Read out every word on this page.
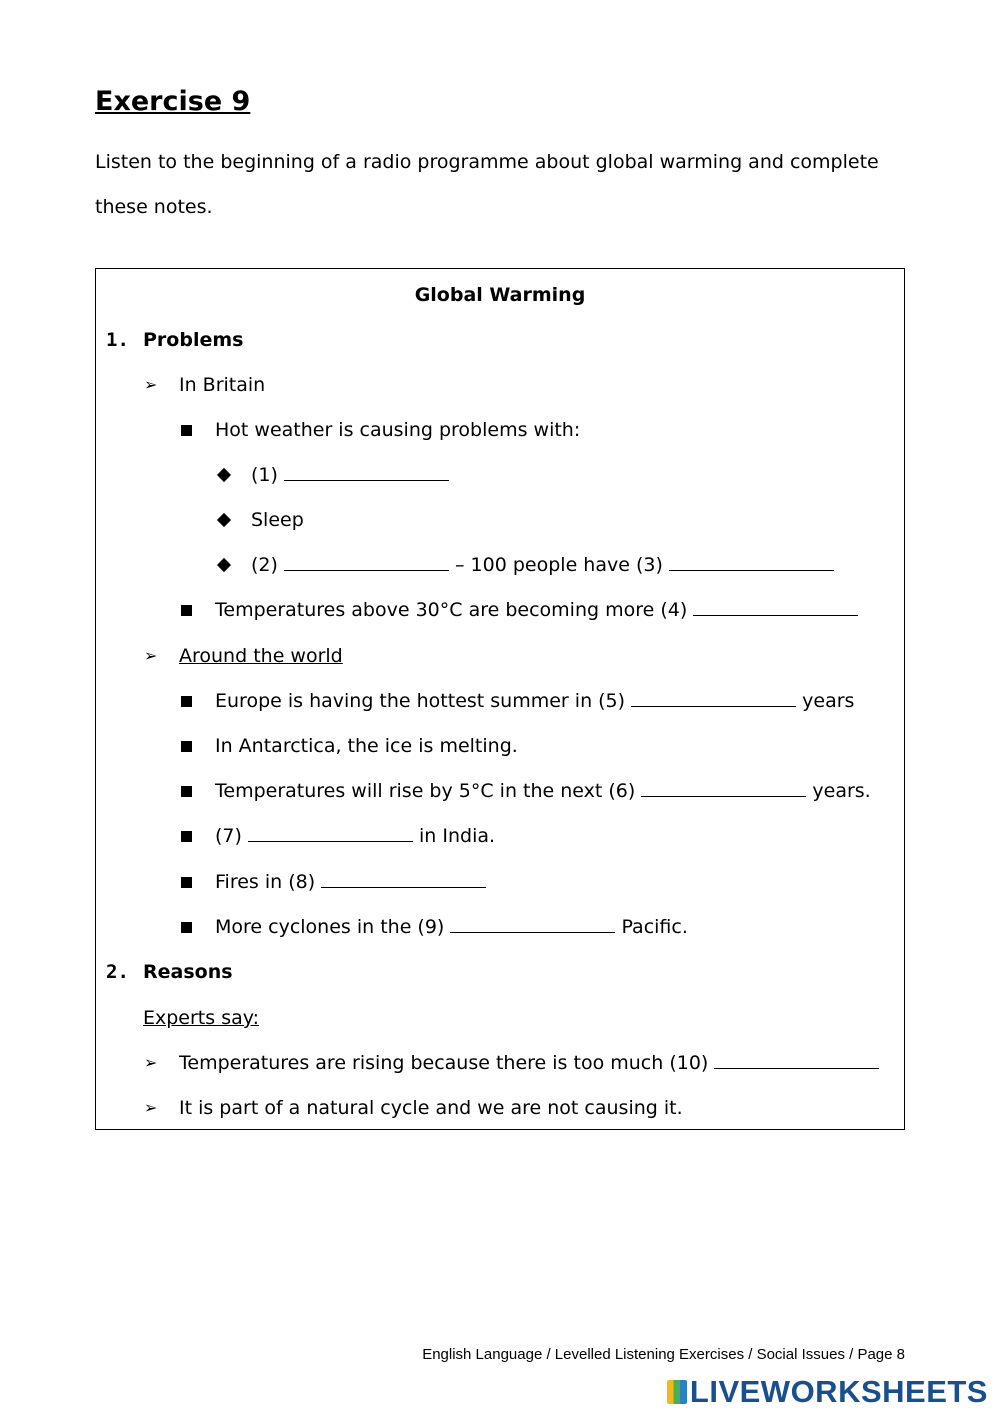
Exercise 9

Listen to the beginning of a radio programme about global warming and complete these notes.

Global Warming
1. Problems
➢ In Britain
Hot weather is causing problems with:
(1)
Sleep
(2)	– 100 people have (3)
Temperatures above 30°C are becoming more (4)
➢ Around the world
Europe is having the hottest summer in (5)	years
In Antarctica, the ice is melting.
Temperatures will rise by 5°C in the next (6)	years.
(7)	in India.
Fires in (8)
More cyclones in the (9)	Pacific.
2. Reasons
Experts say:
➢ Temperatures are rising because there is too much (10)
➢ It is part of a natural cycle and we are not causing it.
English Language / Levelled Listening Exercises / Social Issues / Page 8
LIVEWORKSHEETS
